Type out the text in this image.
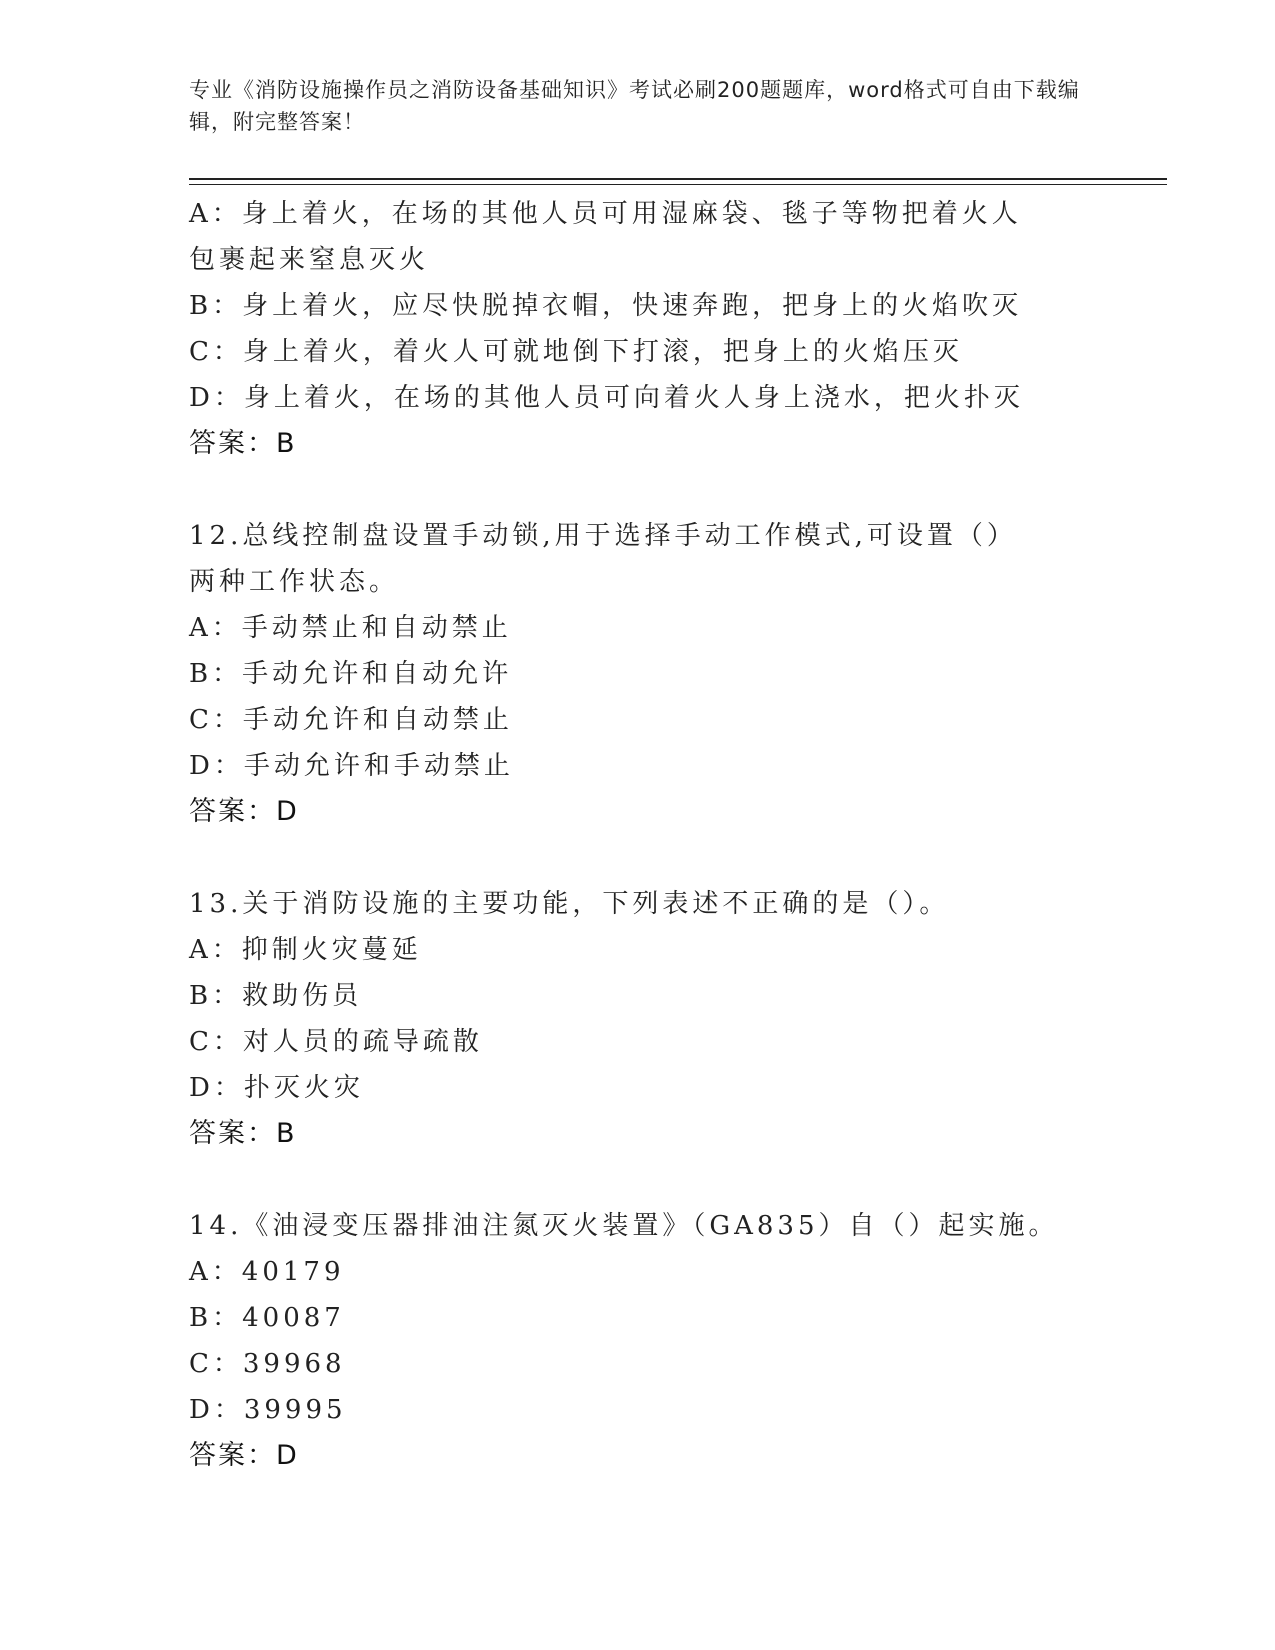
专业《消防设施操作员之消防设备基础知识》考试必刷200题题库，word格式可自由下载编辑，附完整答案！
A：身上着火，在场的其他人员可用湿麻袋、毯子等物把着火人包裹起来窒息灭火
B：身上着火，应尽快脱掉衣帽，快速奔跑，把身上的火焰吹灭
C：身上着火，着火人可就地倒下打滚，把身上的火焰压灭
D：身上着火，在场的其他人员可向着火人身上浇水，把火扑灭
答案：B
12.总线控制盘设置手动锁,用于选择手动工作模式,可设置（）两种工作状态。
A：手动禁止和自动禁止
B：手动允许和自动允许
C：手动允许和自动禁止
D：手动允许和手动禁止
答案：D
13.关于消防设施的主要功能，下列表述不正确的是（）。
A：抑制火灾蔓延
B：救助伤员
C：对人员的疏导疏散
D：扑灭火灾
答案：B
14.《油浸变压器排油注氮灭火装置》（GA835）自（）起实施。
A：40179
B：40087
C：39968
D：39995
答案：D
